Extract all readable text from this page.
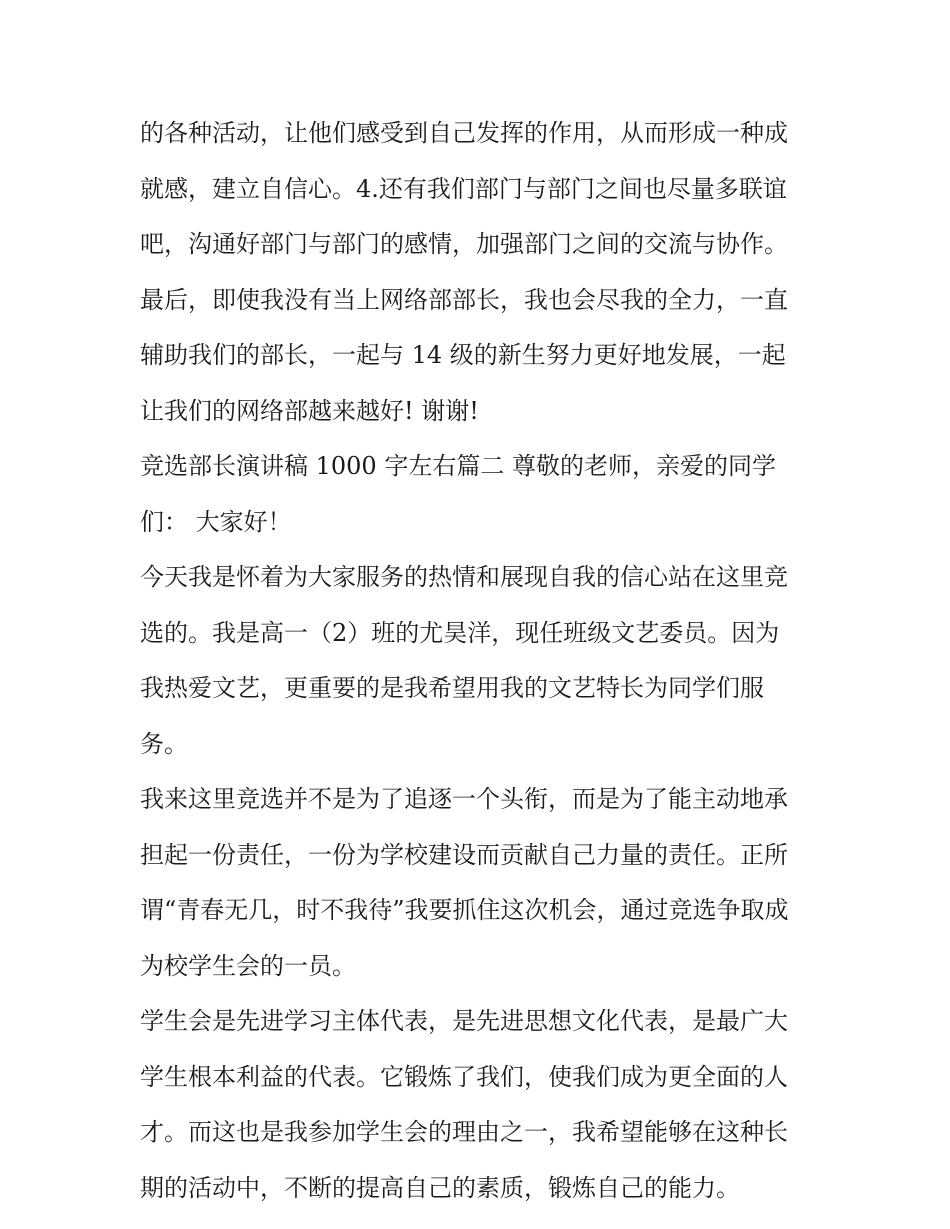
的各种活动，让他们感受到自己发挥的作用，从而形成一种成
就感，建立自信心。4.还有我们部门与部门之间也尽量多联谊
吧，沟通好部门与部门的感情，加强部门之间的交流与协作。
最后，即使我没有当上网络部部长，我也会尽我的全力，一直
辅助我们的部长，一起与 14 级的新生努力更好地发展，一起
让我们的网络部越来越好! 谢谢!
竞选部长演讲稿 1000 字左右篇二 尊敬的老师，亲爱的同学
们： 大家好！
今天我是怀着为大家服务的热情和展现自我的信心站在这里竞
选的。我是高一（2）班的尤昊洋，现任班级文艺委员。因为
我热爱文艺，更重要的是我希望用我的文艺特长为同学们服
务。
我来这里竞选并不是为了追逐一个头衔，而是为了能主动地承
担起一份责任，一份为学校建设而贡献自己力量的责任。正所
谓“青春无几，时不我待”我要抓住这次机会，通过竞选争取成
为校学生会的一员。
学生会是先进学习主体代表，是先进思想文化代表，是最广大
学生根本利益的代表。它锻炼了我们，使我们成为更全面的人
才。而这也是我参加学生会的理由之一，我希望能够在这种长
期的活动中，不断的提高自己的素质，锻炼自己的能力。
